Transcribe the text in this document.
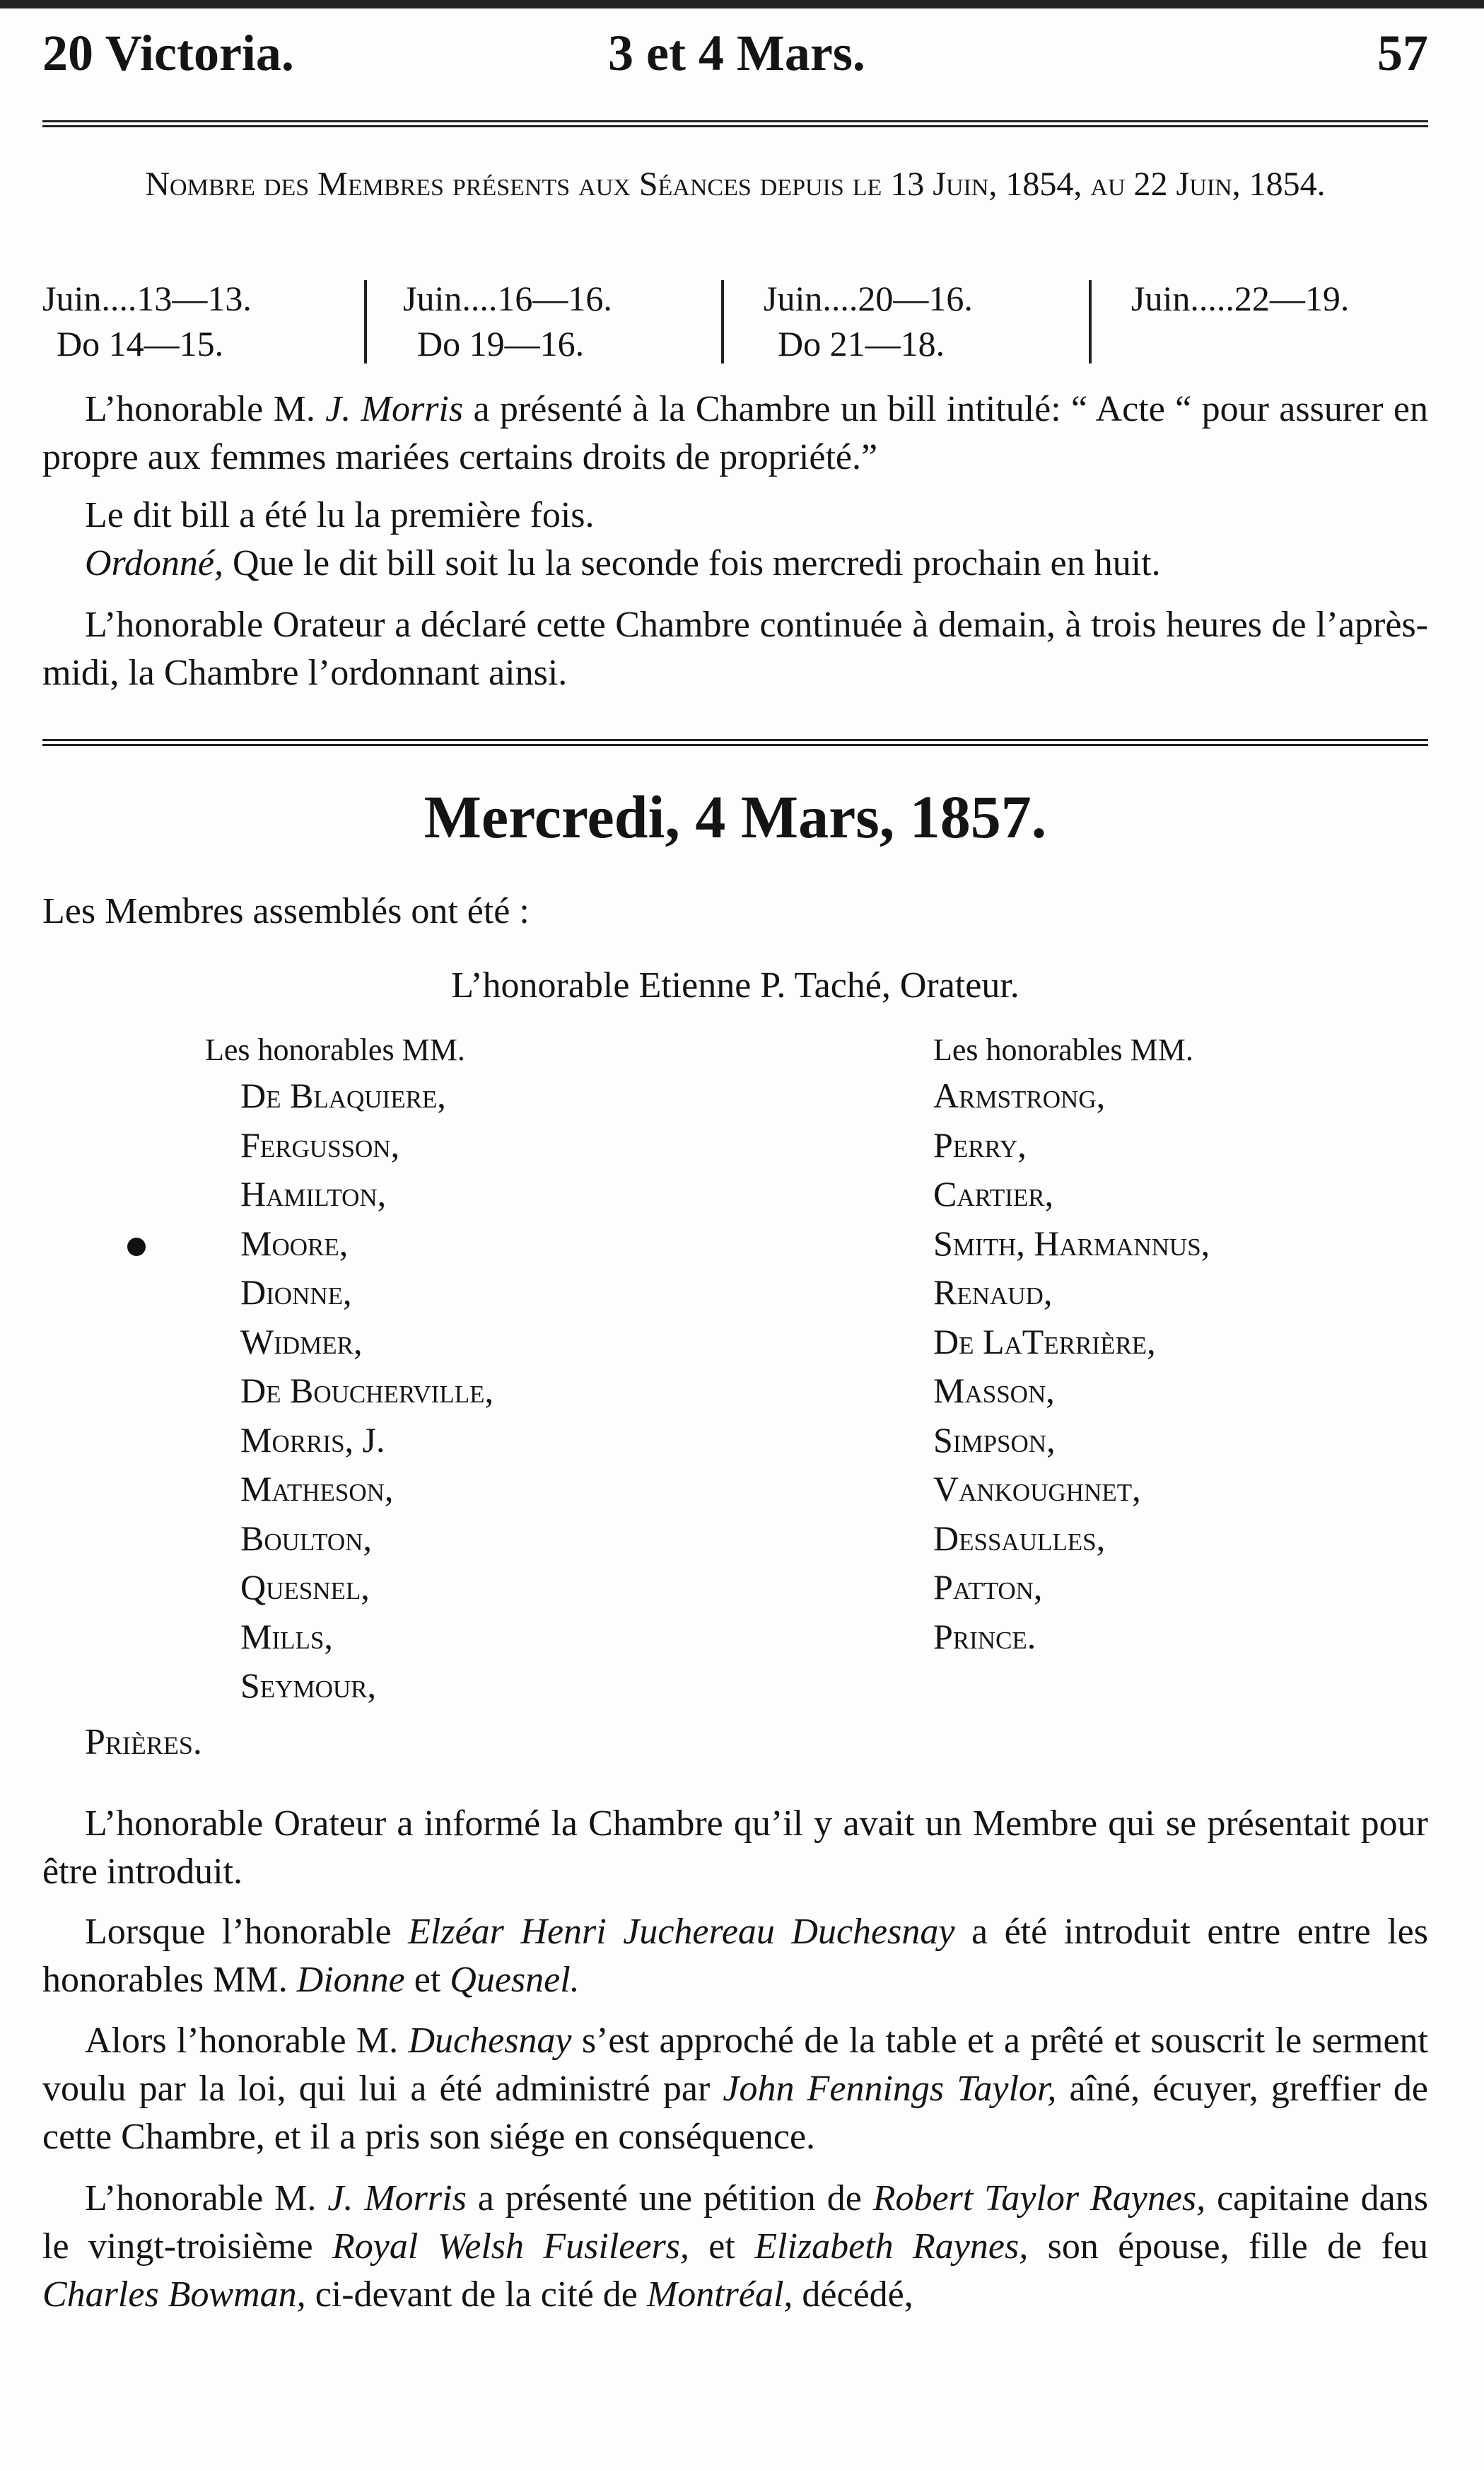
20 Victoria.	3 et 4 Mars.	57
Nombre des Membres présents aux Séances depuis le 13 Juin, 1854, au 22 Juin, 1854.
Juin....13—13.
Do 14—15.
Juin....16—16.
Do 19—16.
Juin....20—16.
Do 21—18.
Juin.....22—19.
L’honorable M. J. Morris a présenté à la Chambre un bill intitulé: “ Acte “ pour assurer en propre aux femmes mariées certains droits de propriété.”
Le dit bill a été lu la première fois.
Ordonné, Que le dit bill soit lu la seconde fois mercredi prochain en huit.
L’honorable Orateur a déclaré cette Chambre continuée à demain, à trois heures de l’après-midi, la Chambre l’ordonnant ainsi.
Mercredi, 4 Mars, 1857.
Les Membres assemblés ont été :
L’honorable Etienne P. Taché, Orateur.
Les honorables MM.
De Blaquiere,
Fergusson,
Hamilton,
Moore,
Dionne,
Widmer,
De Boucherville,
Morris, J.
Matheson,
Boulton,
Quesnel,
Mills,
Seymour,
Les honorables MM.
Armstrong,
Perry,
Cartier,
Smith, Harmannus,
Renaud,
De LaTerrière,
Masson,
Simpson,
Vankoughnet,
Dessaulles,
Patton,
Prince.
Prières.
L’honorable Orateur a informé la Chambre qu’il y avait un Membre qui se présentait pour être introduit.
Lorsque l’honorable Elzéar Henri Juchereau Duchesnay a été introduit entre entre les honorables MM. Dionne et Quesnel.
Alors l’honorable M. Duchesnay s’est approché de la table et a prêté et souscrit le serment voulu par la loi, qui lui a été administré par John Fennings Taylor, aîné, écuyer, greffier de cette Chambre, et il a pris son siége en conséquence.
L’honorable M. J. Morris a présenté une pétition de Robert Taylor Raynes, capitaine dans le vingt-troisième Royal Welsh Fusileers, et Elizabeth Raynes, son épouse, fille de feu Charles Bowman, ci-devant de la cité de Montréal, décédé,
